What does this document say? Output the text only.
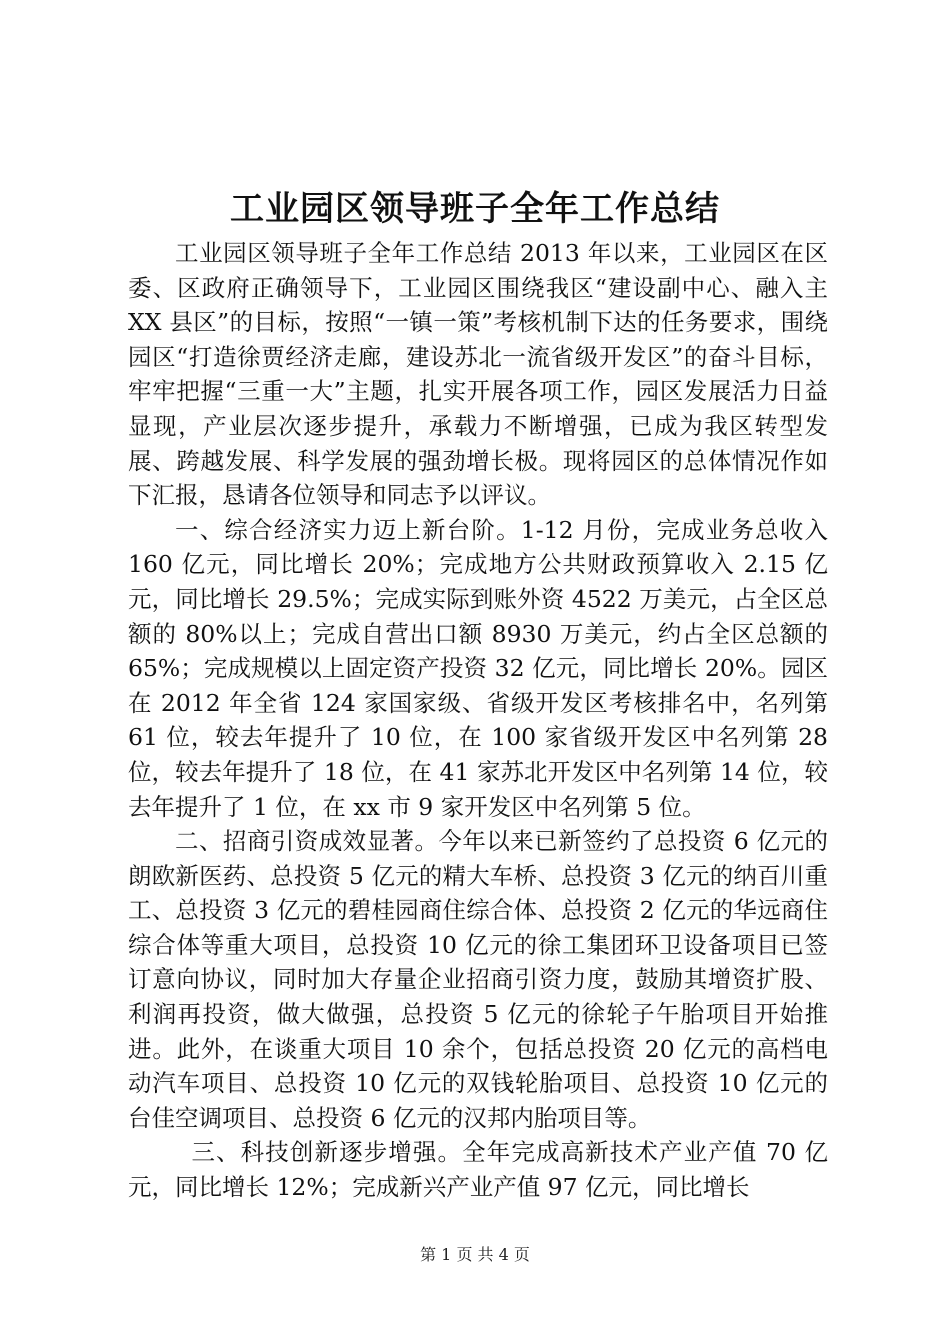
工业园区领导班子全年工作总结

工业园区领导班子全年工作总结 2013 年以来，工业园区在区委、区政府正确领导下，工业园区围绕我区“建设副中心、融入主 XX 县区”的目标，按照“一镇一策”考核机制下达的任务要求，围绕园区“打造徐贾经济走廊，建设苏北一流省级开发区”的奋斗目标，牢牢把握“三重一大”主题，扎实开展各项工作，园区发展活力日益显现，产业层次逐步提升，承载力不断增强，已成为我区转型发展、跨越发展、科学发展的强劲增长极。现将园区的总体情况作如下汇报，恳请各位领导和同志予以评议。

一、综合经济实力迈上新台阶。1-12 月份，完成业务总收入 160 亿元，同比增长 20%；完成地方公共财政预算收入 2.15 亿元，同比增长 29.5%；完成实际到账外资 4522 万美元，占全区总额的 80%以上；完成自营出口额 8930 万美元，约占全区总额的 65%；完成规模以上固定资产投资 32 亿元，同比增长 20%。园区在 2012 年全省 124 家国家级、省级开发区考核排名中，名列第 61 位，较去年提升了 10 位，在 100 家省级开发区中名列第 28 位，较去年提升了 18 位，在 41 家苏北开发区中名列第 14 位，较去年提升了 1 位，在 xx 市 9 家开发区中名列第 5 位。

二、招商引资成效显著。今年以来已新签约了总投资 6 亿元的朗欧新医药、总投资 5 亿元的精大车桥、总投资 3 亿元的纳百川重工、总投资 3 亿元的碧桂园商住综合体、总投资 2 亿元的华远商住综合体等重大项目，总投资 10 亿元的徐工集团环卫设备项目已签订意向协议，同时加大存量企业招商引资力度，鼓励其增资扩股、利润再投资，做大做强，总投资 5 亿元的徐轮子午胎项目开始推进。此外，在谈重大项目 10 余个，包括总投资 20 亿元的高档电动汽车项目、总投资 10 亿元的双钱轮胎项目、总投资 10 亿元的台佳空调项目、总投资 6 亿元的汉邦内胎项目等。

三、科技创新逐步增强。全年完成高新技术产业产值 70 亿元，同比增长 12%；完成新兴产业产值 97 亿元，同比增长

第 1 页 共 4 页
